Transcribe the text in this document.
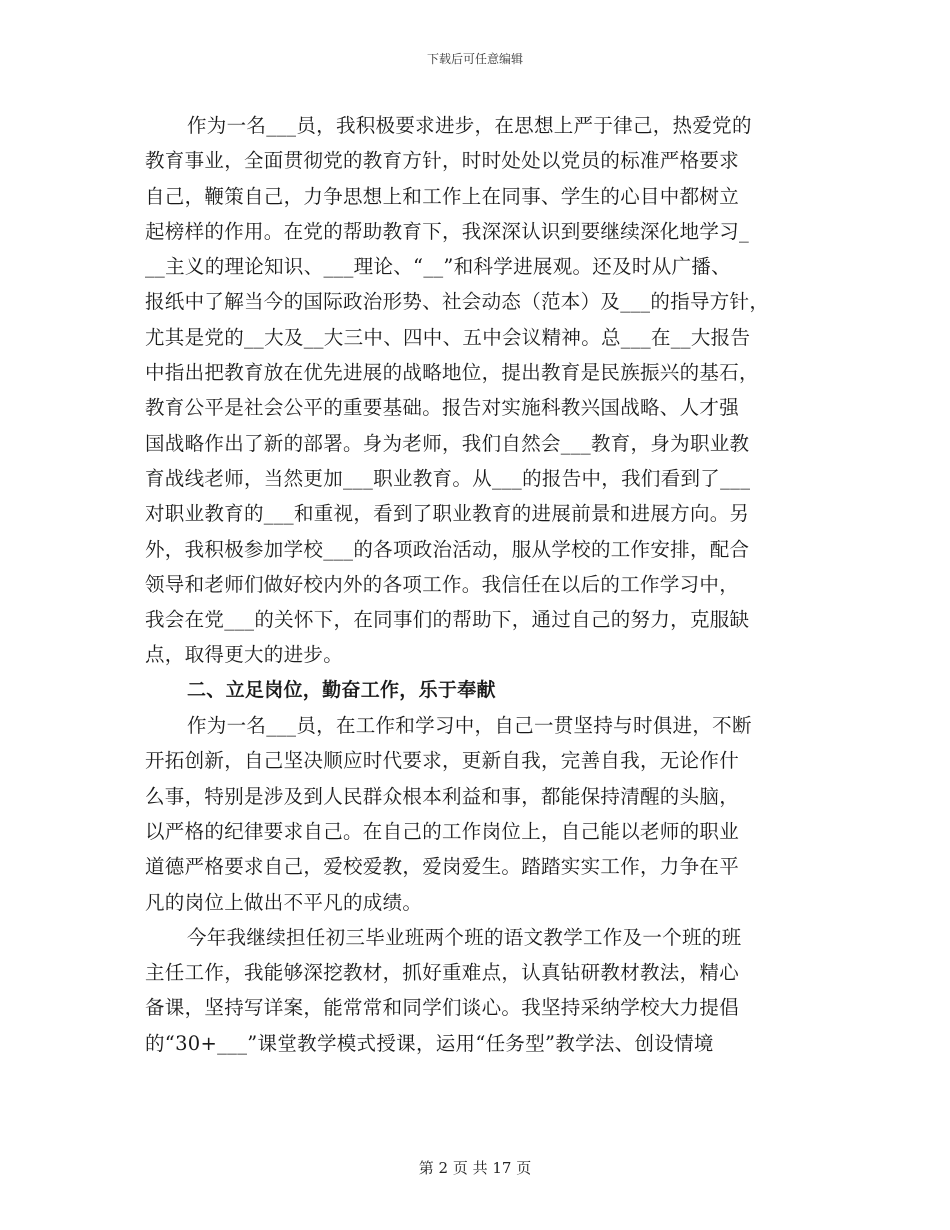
下载后可任意编辑
作为一名___员，我积极要求进步，在思想上严于律己，热爱党的
教育事业，全面贯彻党的教育方针，时时处处以党员的标准严格要求
自己，鞭策自己，力争思想上和工作上在同事、学生的心目中都树立
起榜样的作用。在党的帮助教育下，我深深认识到要继续深化地学习_
__主义的理论知识、___理论、“__”和科学进展观。还及时从广播、
报纸中了解当今的国际政治形势、社会动态（范本）及___的指导方针，
尤其是党的__大及__大三中、四中、五中会议精神。总___在__大报告
中指出把教育放在优先进展的战略地位，提出教育是民族振兴的基石，
教育公平是社会公平的重要基础。报告对实施科教兴国战略、人才强
国战略作出了新的部署。身为老师，我们自然会___教育，身为职业教
育战线老师，当然更加___职业教育。从___的报告中，我们看到了___
对职业教育的___和重视，看到了职业教育的进展前景和进展方向。另
外，我积极参加学校___的各项政治活动，服从学校的工作安排，配合
领导和老师们做好校内外的各项工作。我信任在以后的工作学习中，
我会在党___的关怀下，在同事们的帮助下，通过自己的努力，克服缺
点，取得更大的进步。
二、立足岗位，勤奋工作，乐于奉献
作为一名___员，在工作和学习中，自己一贯坚持与时俱进，不断
开拓创新，自己坚决顺应时代要求，更新自我，完善自我，无论作什
么事，特别是涉及到人民群众根本利益和事，都能保持清醒的头脑，
以严格的纪律要求自己。在自己的工作岗位上，自己能以老师的职业
道德严格要求自己，爱校爱教，爱岗爱生。踏踏实实工作，力争在平
凡的岗位上做出不平凡的成绩。
今年我继续担任初三毕业班两个班的语文教学工作及一个班的班
主任工作，我能够深挖教材，抓好重难点，认真钻研教材教法，精心
备课，坚持写详案，能常常和同学们谈心。我坚持采纳学校大力提倡
的“30+___”课堂教学模式授课，运用“任务型”教学法、创设情境
第 2 页 共 17 页
